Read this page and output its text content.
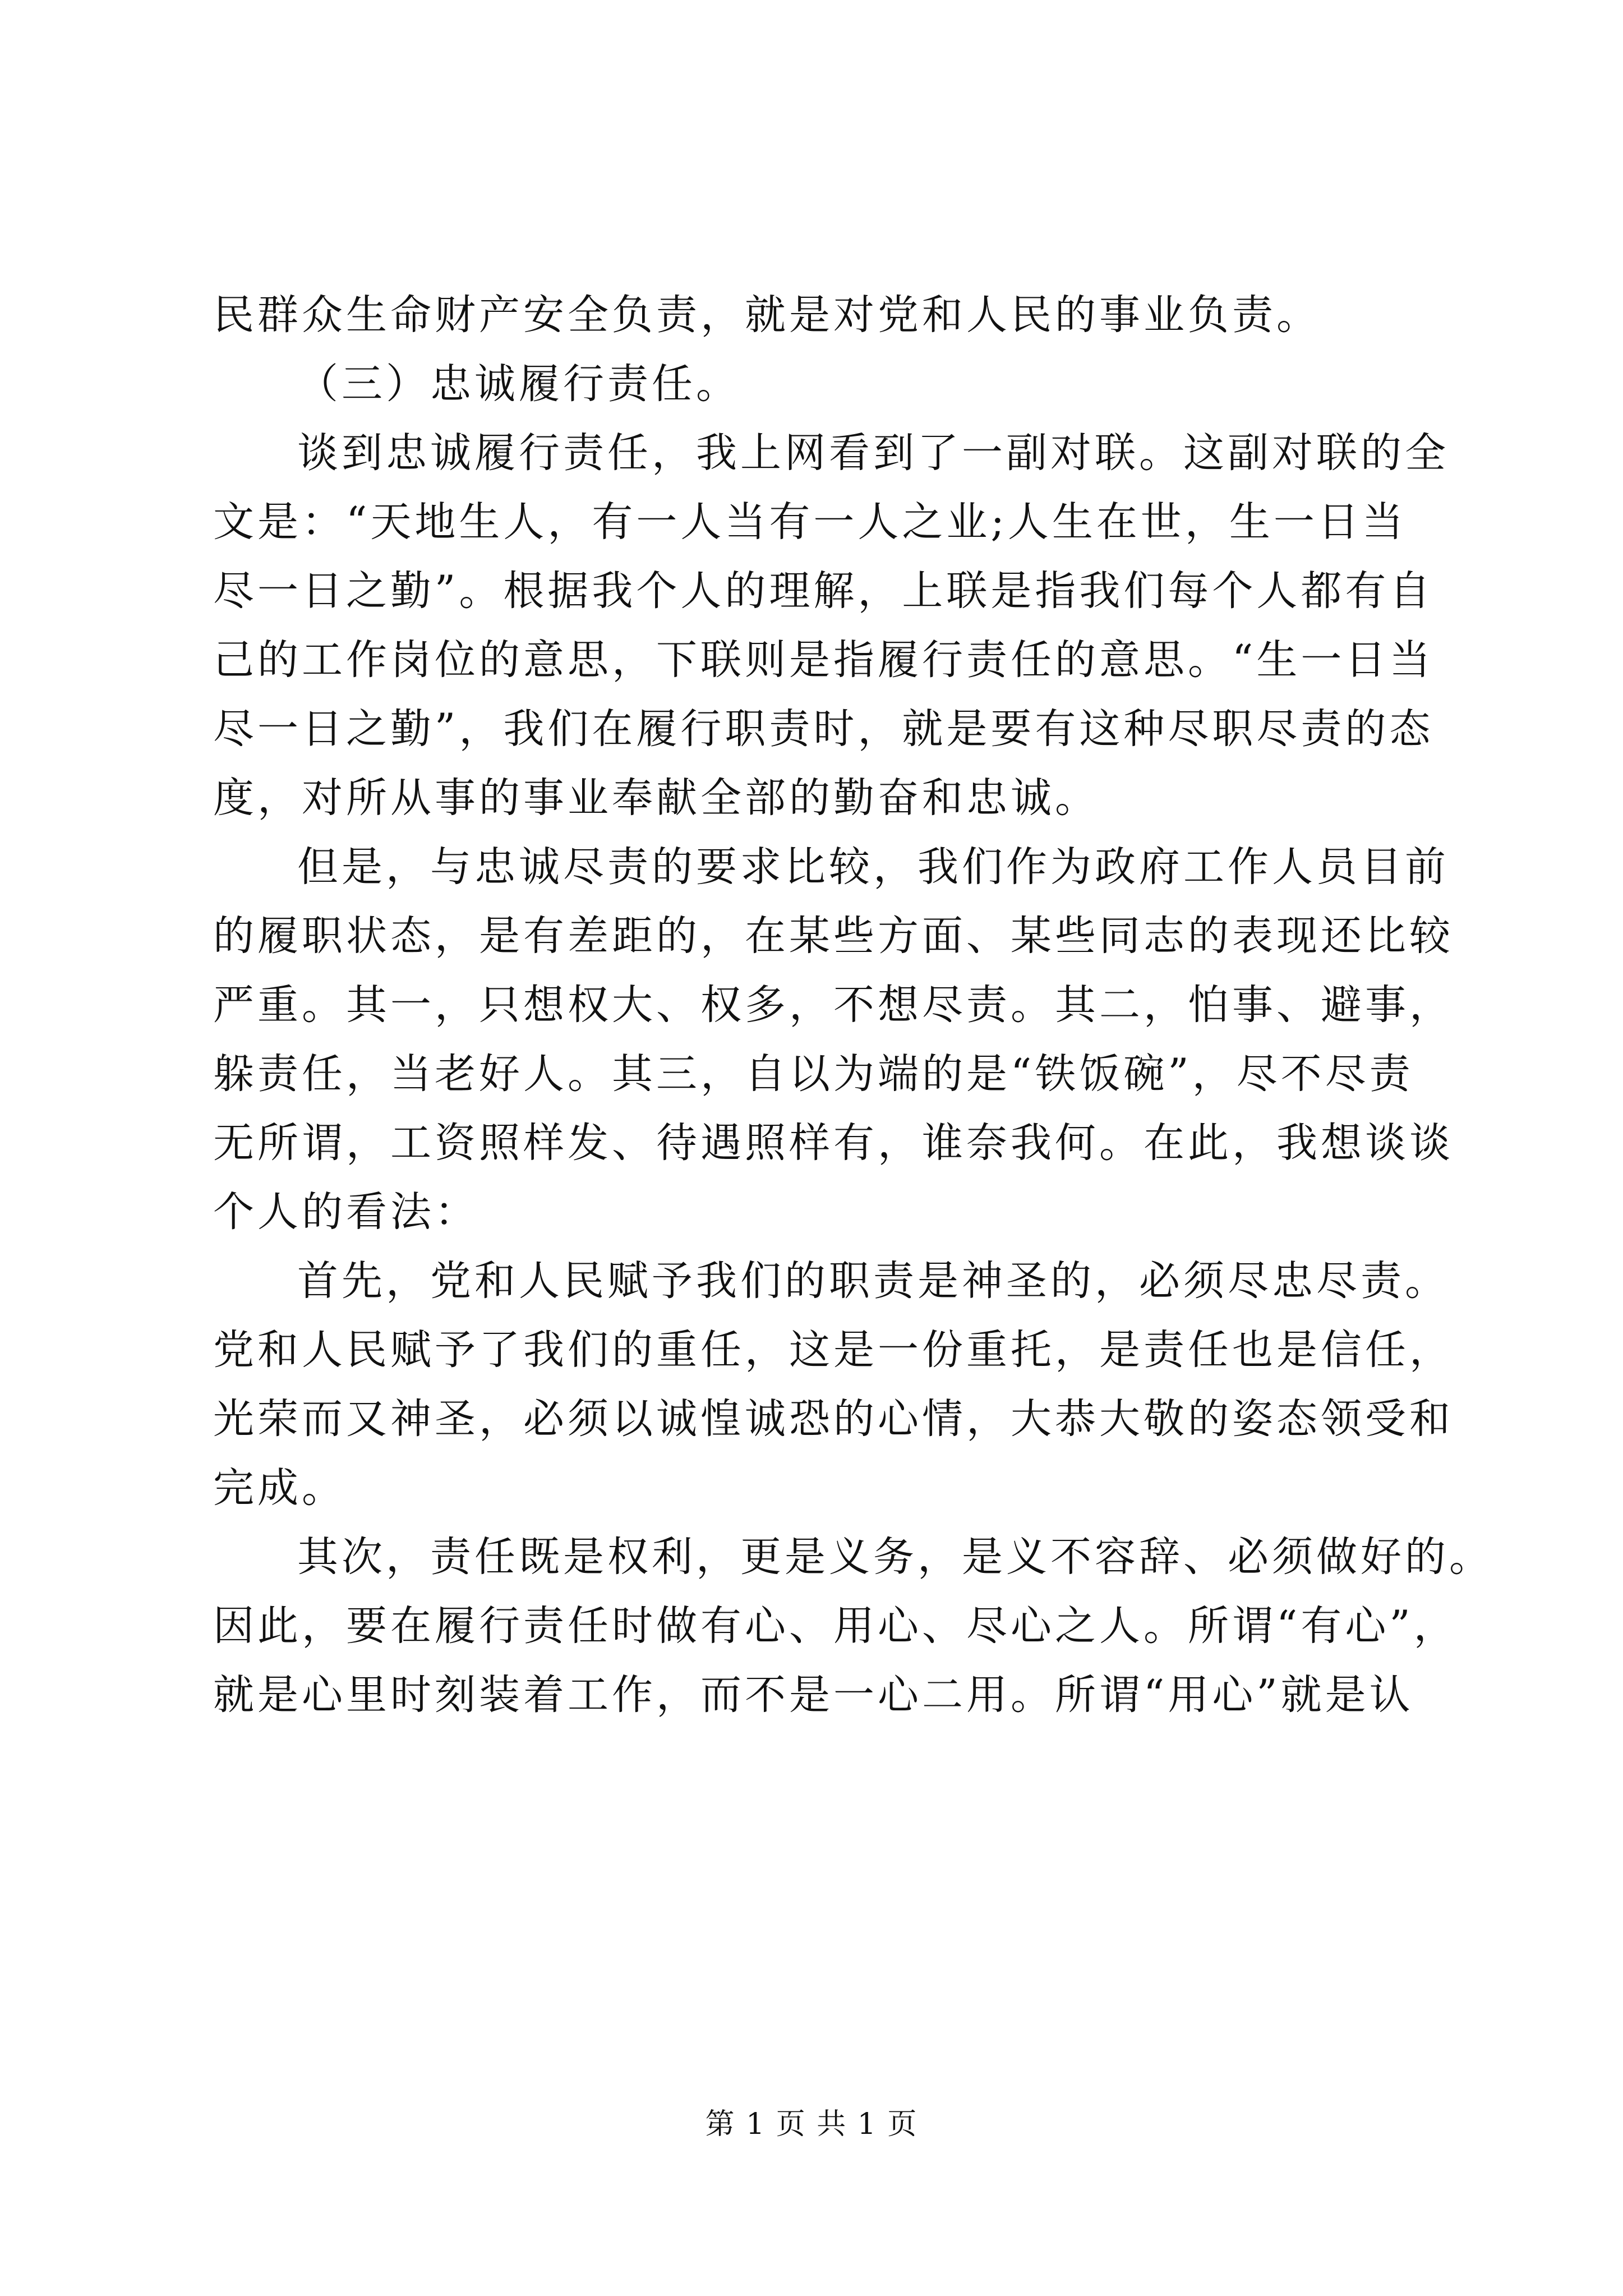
民群众生命财产安全负责，就是对党和人民的事业负责。
（三）忠诚履行责任。
谈到忠诚履行责任，我上网看到了一副对联。这副对联的全
文是：“天地生人，有一人当有一人之业;人生在世，生一日当
尽一日之勤”。根据我个人的理解，上联是指我们每个人都有自
己的工作岗位的意思，下联则是指履行责任的意思。“生一日当
尽一日之勤”，我们在履行职责时，就是要有这种尽职尽责的态
度，对所从事的事业奉献全部的勤奋和忠诚。
但是，与忠诚尽责的要求比较，我们作为政府工作人员目前
的履职状态，是有差距的，在某些方面、某些同志的表现还比较
严重。其一，只想权大、权多，不想尽责。其二，怕事、避事，
躲责任，当老好人。其三，自以为端的是“铁饭碗”，尽不尽责
无所谓，工资照样发、待遇照样有，谁奈我何。在此，我想谈谈
个人的看法：
首先，党和人民赋予我们的职责是神圣的，必须尽忠尽责。
党和人民赋予了我们的重任，这是一份重托，是责任也是信任，
光荣而又神圣，必须以诚惶诚恐的心情，大恭大敬的姿态领受和
完成。
其次，责任既是权利，更是义务，是义不容辞、必须做好的。
因此，要在履行责任时做有心、用心、尽心之人。所谓“有心”，
就是心里时刻装着工作，而不是一心二用。所谓“用心”就是认
第 1 页 共 1 页
